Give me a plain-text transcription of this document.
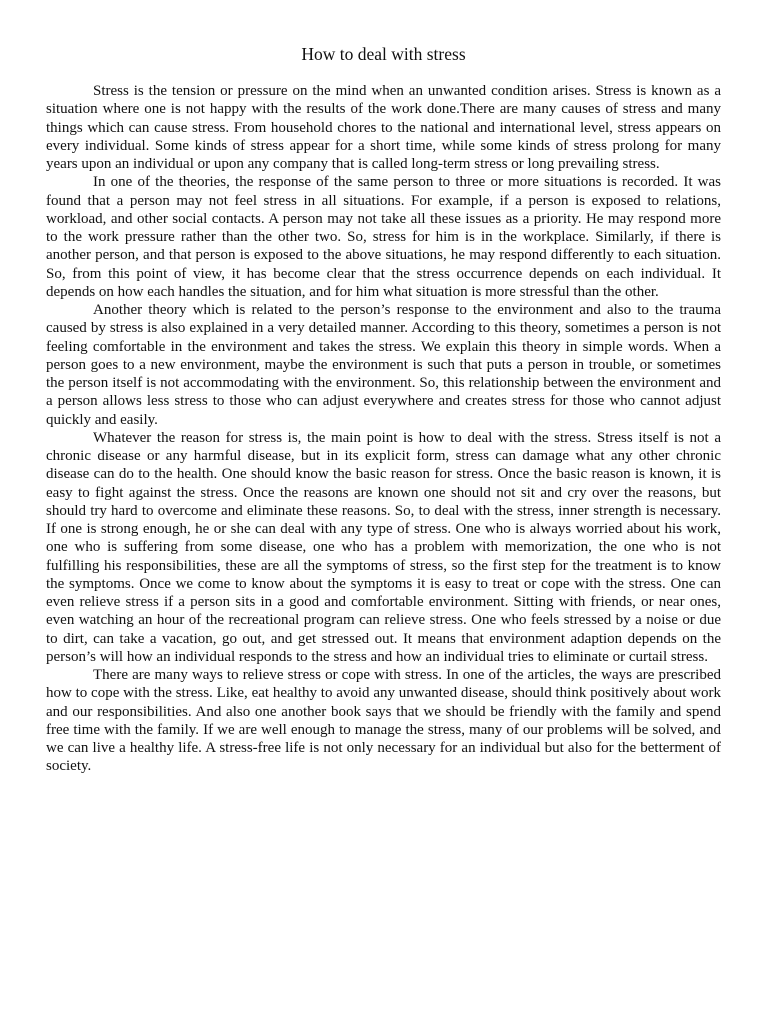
How to deal with stress

Stress is the tension or pressure on the mind when an unwanted condition arises. Stress is known as a situation where one is not happy with the results of the work done.There are many causes of stress and many things which can cause stress. From household chores to the national and international level, stress appears on every individual. Some kinds of stress appear for a short time, while some kinds of stress prolong for many years upon an individual or upon any company that is called long-term stress or long prevailing stress.

In one of the theories, the response of the same person to three or more situations is recorded. It was found that a person may not feel stress in all situations. For example, if a person is exposed to relations, workload, and other social contacts. A person may not take all these issues as a priority. He may respond more to the work pressure rather than the other two. So, stress for him is in the workplace. Similarly, if there is another person, and that person is exposed to the above situations, he may respond differently to each situation. So, from this point of view, it has become clear that the stress occurrence depends on each individual. It depends on how each handles the situation, and for him what situation is more stressful than the other.

Another theory which is related to the person’s response to the environment and also to the trauma caused by stress is also explained in a very detailed manner. According to this theory, sometimes a person is not feeling comfortable in the environment and takes the stress. We explain this theory in simple words. When a person goes to a new environment, maybe the environment is such that puts a person in trouble, or sometimes the person itself is not accommodating with the environment. So, this relationship between the environment and a person allows less stress to those who can adjust everywhere and creates stress for those who cannot adjust quickly and easily.

Whatever the reason for stress is, the main point is how to deal with the stress. Stress itself is not a chronic disease or any harmful disease, but in its explicit form, stress can damage what any other chronic disease can do to the health. One should know the basic reason for stress. Once the basic reason is known, it is easy to fight against the stress. Once the reasons are known one should not sit and cry over the reasons, but should try hard to overcome and eliminate these reasons. So, to deal with the stress, inner strength is necessary. If one is strong enough, he or she can deal with any type of stress. One who is always worried about his work, one who is suffering from some disease, one who has a problem with memorization, the one who is not fulfilling his responsibilities, these are all the symptoms of stress, so the first step for the treatment is to know the symptoms. Once we come to know about the symptoms it is easy to treat or cope with the stress. One can even relieve stress if a person sits in a good and comfortable environment. Sitting with friends, or near ones, even watching an hour of the recreational program can relieve stress. One who feels stressed by a noise or due to dirt, can take a vacation, go out, and get stressed out. It means that environment adaption depends on the person’s will how an individual responds to the stress and how an individual tries to eliminate or curtail stress.

There are many ways to relieve stress or cope with stress. In one of the articles, the ways are prescribed how to cope with the stress. Like, eat healthy to avoid any unwanted disease, should think positively about work and our responsibilities. And also one another book says that we should be friendly with the family and spend free time with the family. If we are well enough to manage the stress, many of our problems will be solved, and we can live a healthy life. A stress-free life is not only necessary for an individual but also for the betterment of society.
